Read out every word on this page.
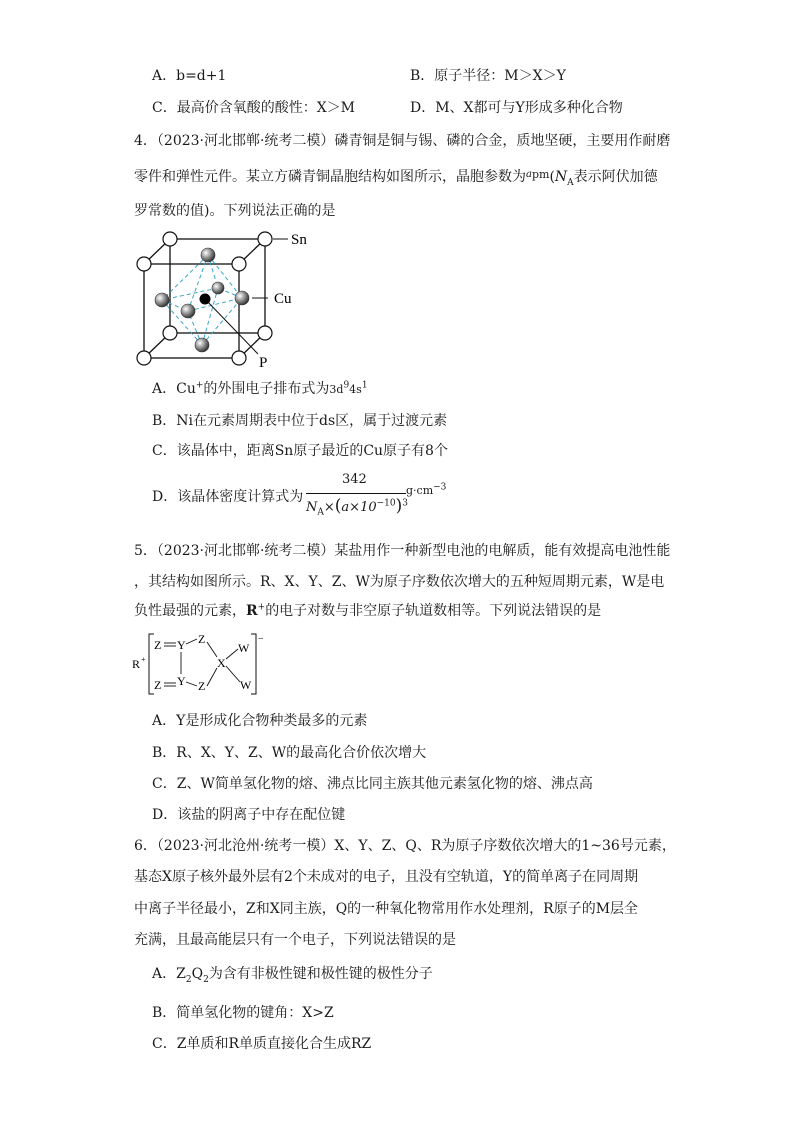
A．b=d+1	B．原子半径：M＞X＞Y
C．最高价含氧酸的酸性：X＞M	D．M、X都可与Y形成多种化合物
4．（2023·河北邯郸·统考二模）磷青铜是铜与锡、磷的合金，质地坚硬，主要用作耐磨
零件和弹性元件。某立方磷青铜晶胞结构如图所示，晶胞参数为$^{apm}(N_A$表示阿伏加德
罗常数的值)。下列说法正确的是
Sn
Cu
P
A．Cu+的外围电子排布式为$3d^94s^1$
B．Ni在元素周期表中位于ds区，属于过渡元素
C．该晶体中，距离Sn原子最近的Cu原子有8个
D．该晶体密度计算式为
342
$N_A\times(a\times 10^{-10})^3$
$g\cdot cm^{-3}$
5．（2023·河北邯郸·统考二模）某盐用作一种新型电池的电解质，能有效提高电池性能
，其结构如图所示。R、X、Y、Z、W为原子序数依次增大的五种短周期元素，W是电
负性最强的元素，R+的电子对数与非空原子轨道数相等。下列说法错误的是
R +
−
Z Y Z
X
W
W
Z Y Z
A．Y是形成化合物种类最多的元素
B．R、X、Y、Z、W的最高化合价依次增大
C．Z、W简单氢化物的熔、沸点比同主族其他元素氢化物的熔、沸点高
D．该盐的阴离子中存在配位键
6．（2023·河北沧州·统考一模）X、Y、Z、Q、R为原子序数依次增大的1~36号元素，
基态X原子核外最外层有2个未成对的电子，且没有空轨道，Y的简单离子在同周期
中离子半径最小，Z和X同主族，Q的一种氧化物常用作水处理剂，R原子的M层全
充满，且最高能层只有一个电子，下列说法错误的是
A．$Z_2Q_2$为含有非极性键和极性键的极性分子
B．简单氢化物的键角：X>Z
C．Z单质和R单质直接化合生成RZ
